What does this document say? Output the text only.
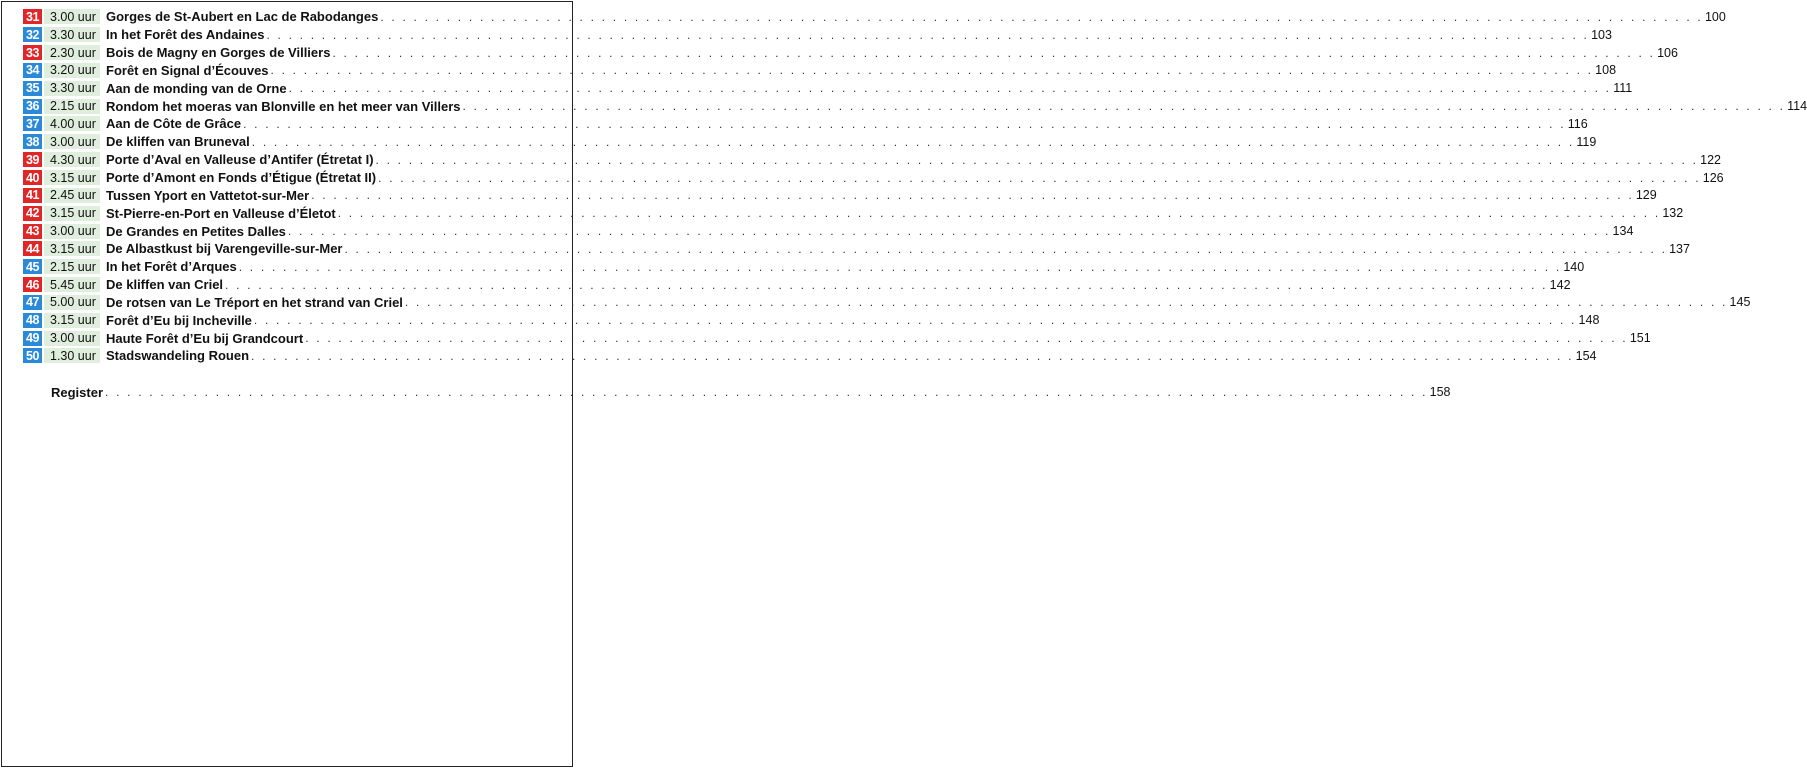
31 3.00 uur Gorges de St-Aubert en Lac de Rabodanges . . . . . . . . . . . . . . . . . . . . . . . . . . . . . . . . . . . . . . . . . . . . . . . . . . . . . . . . . . . . . . . . . . . . . . . . . . . . . . . . . . . . . . . . . . . . . . . . . . . . . . . . . . . . . . . . . . . . . . . . 100
32 3.30 uur In het Forêt des Andaines . . . . . . . . . . . . . . . . . . . . . . . . . . . . . . . . . . . . . . . . . . . . . . . . . . . . . . . . . . . . . . . . . . . . . . . . . . . . . . . . . . . . . . . . . . . . . . . . . . . . . . . . . . . . . . . . . . . . . . . . 103
33 2.30 uur Bois de Magny en Gorges de Villiers . . . . . . . . . . . . . . . . . . . . . . . . . . . . . . . . . . . . . . . . . . . . . . . . . . . . . . . . . . . . . . . . . . . . . . . . . . . . . . . . . . . . . . . . . . . . . . . . . . . . . . . . . . . . . . . . . . . . . . . . 106
34 3.20 uur Forêt en Signal d’Écouves . . . . . . . . . . . . . . . . . . . . . . . . . . . . . . . . . . . . . . . . . . . . . . . . . . . . . . . . . . . . . . . . . . . . . . . . . . . . . . . . . . . . . . . . . . . . . . . . . . . . . . . . . . . . . . . . . . . . . . . . 108
35 3.30 uur Aan de monding van de Orne . . . . . . . . . . . . . . . . . . . . . . . . . . . . . . . . . . . . . . . . . . . . . . . . . . . . . . . . . . . . . . . . . . . . . . . . . . . . . . . . . . . . . . . . . . . . . . . . . . . . . . . . . . . . . . . . . . . . . . . . 111
36 2.15 uur Rondom het moeras van Blonville en het meer van Villers . . . . . . . . . . . . . . . . . . . . . . . . . . . . . . . . . . . . . . . . . . . . . . . . . . . . . . . . . . . . . . . . . . . . . . . . . . . . . . . . . . . . . . . . . . . . . . . . . . . . . . . . . . . . . . . . . . . . . . . . 114
37 4.00 uur Aan de Côte de Grâce . . . . . . . . . . . . . . . . . . . . . . . . . . . . . . . . . . . . . . . . . . . . . . . . . . . . . . . . . . . . . . . . . . . . . . . . . . . . . . . . . . . . . . . . . . . . . . . . . . . . . . . . . . . . . . . . . . . . . . . . 116
38 3.00 uur De kliffen van Bruneval . . . . . . . . . . . . . . . . . . . . . . . . . . . . . . . . . . . . . . . . . . . . . . . . . . . . . . . . . . . . . . . . . . . . . . . . . . . . . . . . . . . . . . . . . . . . . . . . . . . . . . . . . . . . . . . . . . . . . . . . 119
39 4.30 uur Porte d’Aval en Valleuse d’Antifer (Étretat I) . . . . . . . . . . . . . . . . . . . . . . . . . . . . . . . . . . . . . . . . . . . . . . . . . . . . . . . . . . . . . . . . . . . . . . . . . . . . . . . . . . . . . . . . . . . . . . . . . . . . . . . . . . . . . . . . . . . . . . . . 122
40 3.15 uur Porte d’Amont en Fonds d’Étigue (Étretat II) . . . . . . . . . . . . . . . . . . . . . . . . . . . . . . . . . . . . . . . . . . . . . . . . . . . . . . . . . . . . . . . . . . . . . . . . . . . . . . . . . . . . . . . . . . . . . . . . . . . . . . . . . . . . . . . . . . . . . . . . 126
41 2.45 uur Tussen Yport en Vattetot-sur-Mer . . . . . . . . . . . . . . . . . . . . . . . . . . . . . . . . . . . . . . . . . . . . . . . . . . . . . . . . . . . . . . . . . . . . . . . . . . . . . . . . . . . . . . . . . . . . . . . . . . . . . . . . . . . . . . . . . . . . . . . . 129
42 3.15 uur St-Pierre-en-Port en Valleuse d’Életot . . . . . . . . . . . . . . . . . . . . . . . . . . . . . . . . . . . . . . . . . . . . . . . . . . . . . . . . . . . . . . . . . . . . . . . . . . . . . . . . . . . . . . . . . . . . . . . . . . . . . . . . . . . . . . . . . . . . . . . . 132
43 3.00 uur De Grandes en Petites Dalles . . . . . . . . . . . . . . . . . . . . . . . . . . . . . . . . . . . . . . . . . . . . . . . . . . . . . . . . . . . . . . . . . . . . . . . . . . . . . . . . . . . . . . . . . . . . . . . . . . . . . . . . . . . . . . . . . . . . . . . . 134
44 3.15 uur De Albastkust bij Varengeville-sur-Mer . . . . . . . . . . . . . . . . . . . . . . . . . . . . . . . . . . . . . . . . . . . . . . . . . . . . . . . . . . . . . . . . . . . . . . . . . . . . . . . . . . . . . . . . . . . . . . . . . . . . . . . . . . . . . . . . . . . . . . . . 137
45 2.15 uur In het Forêt d’Arques . . . . . . . . . . . . . . . . . . . . . . . . . . . . . . . . . . . . . . . . . . . . . . . . . . . . . . . . . . . . . . . . . . . . . . . . . . . . . . . . . . . . . . . . . . . . . . . . . . . . . . . . . . . . . . . . . . . . . . . . 140
46 5.45 uur De kliffen van Criel . . . . . . . . . . . . . . . . . . . . . . . . . . . . . . . . . . . . . . . . . . . . . . . . . . . . . . . . . . . . . . . . . . . . . . . . . . . . . . . . . . . . . . . . . . . . . . . . . . . . . . . . . . . . . . . . . . . . . . . . 142
47 5.00 uur De rotsen van Le Tréport en het strand van Criel . . . . . . . . . . . . . . . . . . . . . . . . . . . . . . . . . . . . . . . . . . . . . . . . . . . . . . . . . . . . . . . . . . . . . . . . . . . . . . . . . . . . . . . . . . . . . . . . . . . . . . . . . . . . . . . . . . . . . . . . 145
48 3.15 uur Forêt d’Eu bij Incheville . . . . . . . . . . . . . . . . . . . . . . . . . . . . . . . . . . . . . . . . . . . . . . . . . . . . . . . . . . . . . . . . . . . . . . . . . . . . . . . . . . . . . . . . . . . . . . . . . . . . . . . . . . . . . . . . . . . . . . . . 148
49 3.00 uur Haute Forêt d’Eu bij Grandcourt . . . . . . . . . . . . . . . . . . . . . . . . . . . . . . . . . . . . . . . . . . . . . . . . . . . . . . . . . . . . . . . . . . . . . . . . . . . . . . . . . . . . . . . . . . . . . . . . . . . . . . . . . . . . . . . . . . . . . . . . 151
50 1.30 uur Stadswandeling Rouen . . . . . . . . . . . . . . . . . . . . . . . . . . . . . . . . . . . . . . . . . . . . . . . . . . . . . . . . . . . . . . . . . . . . . . . . . . . . . . . . . . . . . . . . . . . . . . . . . . . . . . . . . . . . . . . . . . . . . . . . 154
Register . . . . . . . . . . . . . . . . . . . . . . . . . . . . . . . . . . . . . . . . . . . . . . . . . . . . . . . . . . . . . . . . . . . . . . . . . . . . . . . . . . . . . . . . . . . . . . . . . . . . . . . . . . . . . . . . . . . . . . . . 158
